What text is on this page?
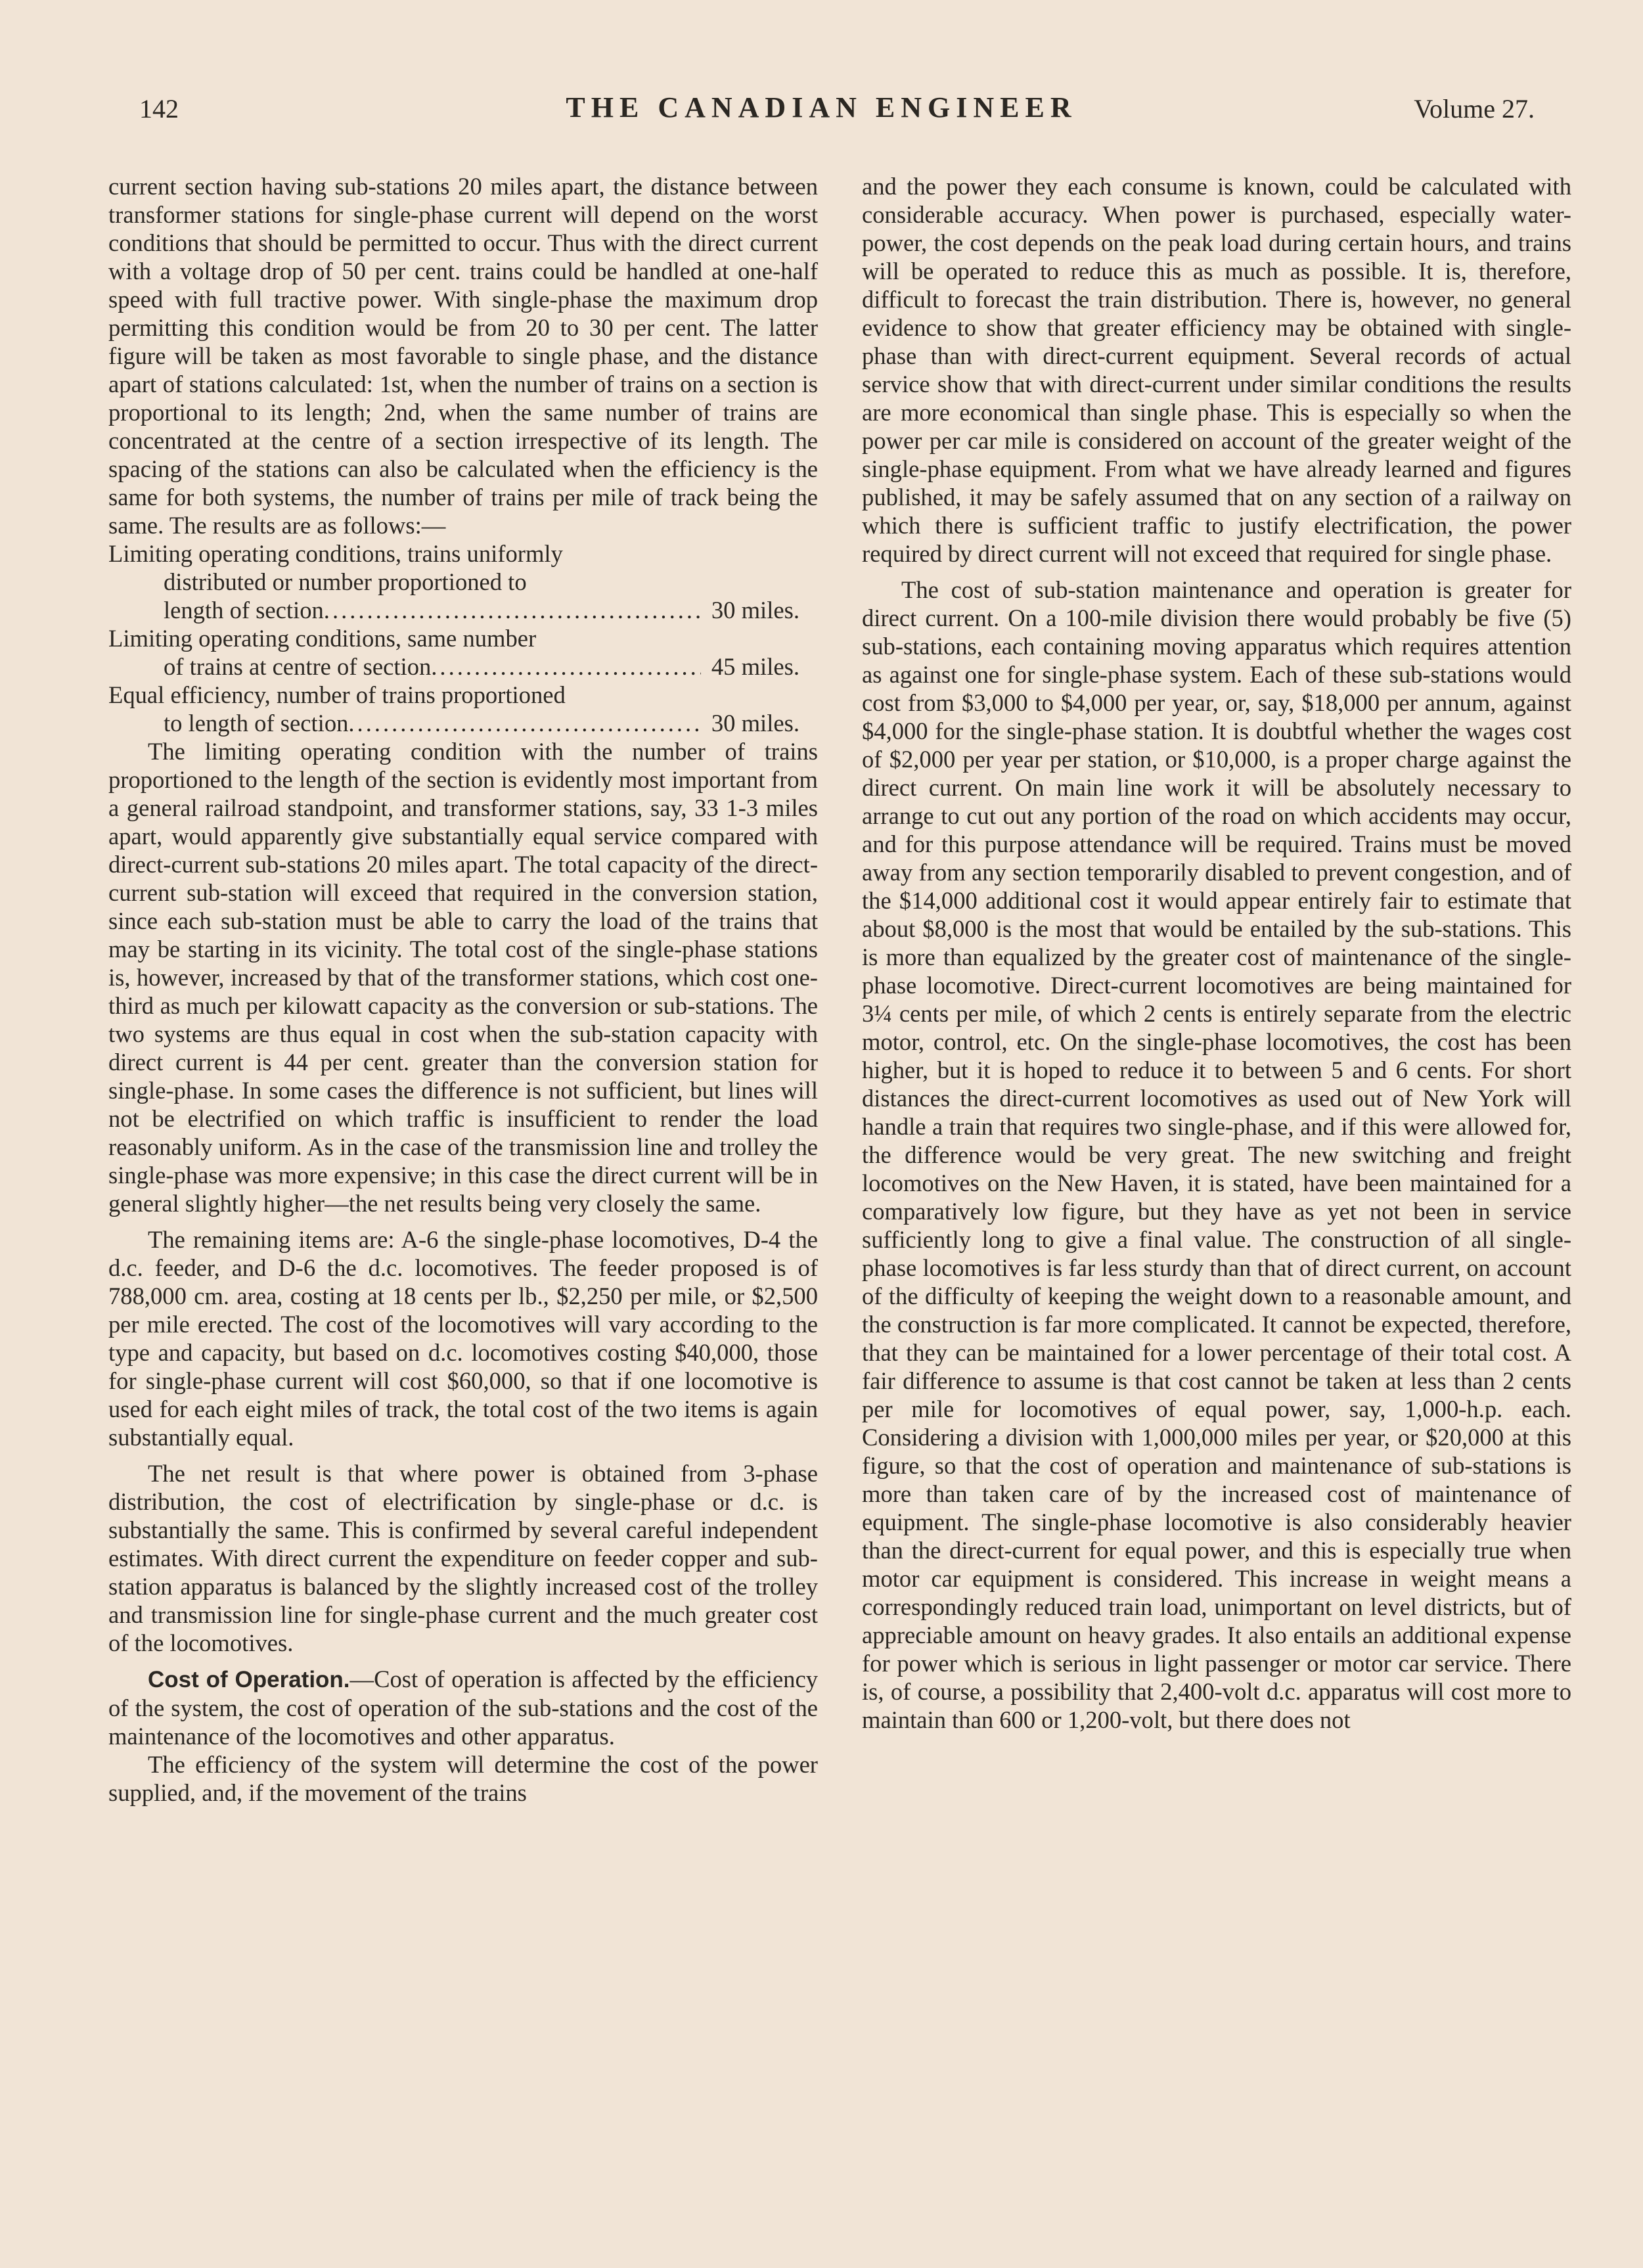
142	THE CANADIAN ENGINEER	Volume 27.

current section having sub-stations 20 miles apart, the distance between transformer stations for single-phase current will depend on the worst conditions that should be permitted to occur. Thus with the direct current with a voltage drop of 50 per cent. trains could be handled at one-half speed with full tractive power. With single-phase the maximum drop permitting this condition would be from 20 to 30 per cent. The latter figure will be taken as most favorable to single phase, and the distance apart of stations calculated: 1st, when the number of trains on a section is proportional to its length; 2nd, when the same number of trains are concentrated at the centre of a section irrespective of its length. The spacing of the stations can also be calculated when the efficiency is the same for both systems, the number of trains per mile of track being the same. The results are as follows:—

Limiting operating conditions, trains uniformly
distributed or number proportioned to
length of section .....	30 miles.
Limiting operating conditions, same number
of trains at centre of section .....	45 miles.
Equal efficiency, number of trains proportioned
to length of section .....	30 miles.

The limiting operating condition with the number of trains proportioned to the length of the section is evidently most important from a general railroad standpoint, and transformer stations, say, 33 1-3 miles apart, would apparently give substantially equal service compared with direct-current sub-stations 20 miles apart. The total capacity of the direct-current sub-station will exceed that required in the conversion station, since each sub-station must be able to carry the load of the trains that may be starting in its vicinity. The total cost of the single-phase stations is, however, increased by that of the transformer stations, which cost one-third as much per kilowatt capacity as the conversion or sub-stations. The two systems are thus equal in cost when the sub-station capacity with direct current is 44 per cent. greater than the conversion station for single-phase. In some cases the difference is not sufficient, but lines will not be electrified on which traffic is insufficient to render the load reasonably uniform. As in the case of the transmission line and trolley the single-phase was more expensive; in this case the direct current will be in general slightly higher—the net results being very closely the same.

The remaining items are: A-6 the single-phase locomotives, D-4 the d.c. feeder, and D-6 the d.c. locomotives. The feeder proposed is of 788,000 cm. area, costing at 18 cents per lb., $2,250 per mile, or $2,500 per mile erected. The cost of the locomotives will vary according to the type and capacity, but based on d.c. locomotives costing $40,000, those for single-phase current will cost $60,000, so that if one locomotive is used for each eight miles of track, the total cost of the two items is again substantially equal.

The net result is that where power is obtained from 3-phase distribution, the cost of electrification by single-phase or d.c. is substantially the same. This is confirmed by several careful independent estimates. With direct current the expenditure on feeder copper and sub-station apparatus is balanced by the slightly increased cost of the trolley and transmission line for single-phase current and the much greater cost of the locomotives.

Cost of Operation.—Cost of operation is affected by the efficiency of the system, the cost of operation of the sub-stations and the cost of the maintenance of the locomotives and other apparatus.

The efficiency of the system will determine the cost of the power supplied, and, if the movement of the trains

and the power they each consume is known, could be calculated with considerable accuracy. When power is purchased, especially water-power, the cost depends on the peak load during certain hours, and trains will be operated to reduce this as much as possible. It is, therefore, difficult to forecast the train distribution. There is, however, no general evidence to show that greater efficiency may be obtained with single-phase than with direct-current equipment. Several records of actual service show that with direct-current under similar conditions the results are more economical than single phase. This is especially so when the power per car mile is considered on account of the greater weight of the single-phase equipment. From what we have already learned and figures published, it may be safely assumed that on any section of a railway on which there is sufficient traffic to justify electrification, the power required by direct current will not exceed that required for single phase.

The cost of sub-station maintenance and operation is greater for direct current. On a 100-mile division there would probably be five (5) sub-stations, each containing moving apparatus which requires attention as against one for single-phase system. Each of these sub-stations would cost from $3,000 to $4,000 per year, or, say, $18,000 per annum, against $4,000 for the single-phase station. It is doubtful whether the wages cost of $2,000 per year per station, or $10,000, is a proper charge against the direct current. On main line work it will be absolutely necessary to arrange to cut out any portion of the road on which accidents may occur, and for this purpose attendance will be required. Trains must be moved away from any section temporarily disabled to prevent congestion, and of the $14,000 additional cost it would appear entirely fair to estimate that about $8,000 is the most that would be entailed by the sub-stations. This is more than equalized by the greater cost of maintenance of the single-phase locomotive. Direct-current locomotives are being maintained for 3¼ cents per mile, of which 2 cents is entirely separate from the electric motor, control, etc. On the single-phase locomotives, the cost has been higher, but it is hoped to reduce it to between 5 and 6 cents. For short distances the direct-current locomotives as used out of New York will handle a train that requires two single-phase, and if this were allowed for, the difference would be very great. The new switching and freight locomotives on the New Haven, it is stated, have been maintained for a comparatively low figure, but they have as yet not been in service sufficiently long to give a final value. The construction of all single-phase locomotives is far less sturdy than that of direct current, on account of the difficulty of keeping the weight down to a reasonable amount, and the construction is far more complicated. It cannot be expected, therefore, that they can be maintained for a lower percentage of their total cost. A fair difference to assume is that cost cannot be taken at less than 2 cents per mile for locomotives of equal power, say, 1,000-h.p. each. Considering a division with 1,000,000 miles per year, or $20,000 at this figure, so that the cost of operation and maintenance of sub-stations is more than taken care of by the increased cost of maintenance of equipment. The single-phase locomotive is also considerably heavier than the direct-current for equal power, and this is especially true when motor car equipment is considered. This increase in weight means a correspondingly reduced train load, unimportant on level districts, but of appreciable amount on heavy grades. It also entails an additional expense for power which is serious in light passenger or motor car service. There is, of course, a possibility that 2,400-volt d.c. apparatus will cost more to maintain than 600 or 1,200-volt, but there does not
